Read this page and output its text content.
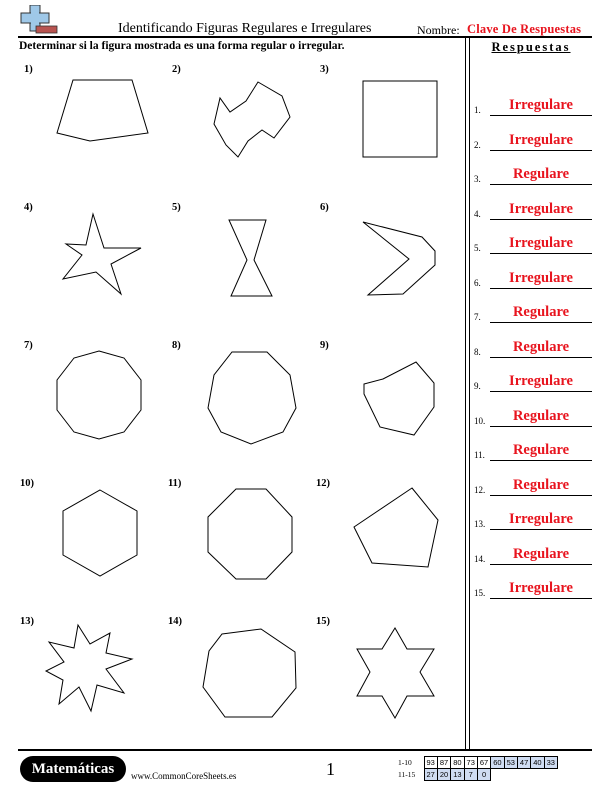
Identificando Figuras Regulares e Irregulares	Nombre: Clave De Respuestas
Determinar si la figura mostrada es una forma regular o irregular.	Respuestas
1.	Irregulare
2.	Irregulare
3.	Regulare
4.	Irregulare
5.	Irregulare
6.	Irregulare
7.	Regulare
8.	Regulare
9.	Irregulare
10.	Regulare
11.	Regulare
12.	Regulare
13.	Irregulare
14.	Regulare
15.	Irregulare
1)	2)	3)
4)	5)	6)
7)	8)	9)
10)	11)	12)
13)	14)	15)
Matemáticas	www.CommonCoreSheets.es	1	1-10	93	87	80	73	67	60	53	47	40	33
11-15	27	20	13	7	0					
